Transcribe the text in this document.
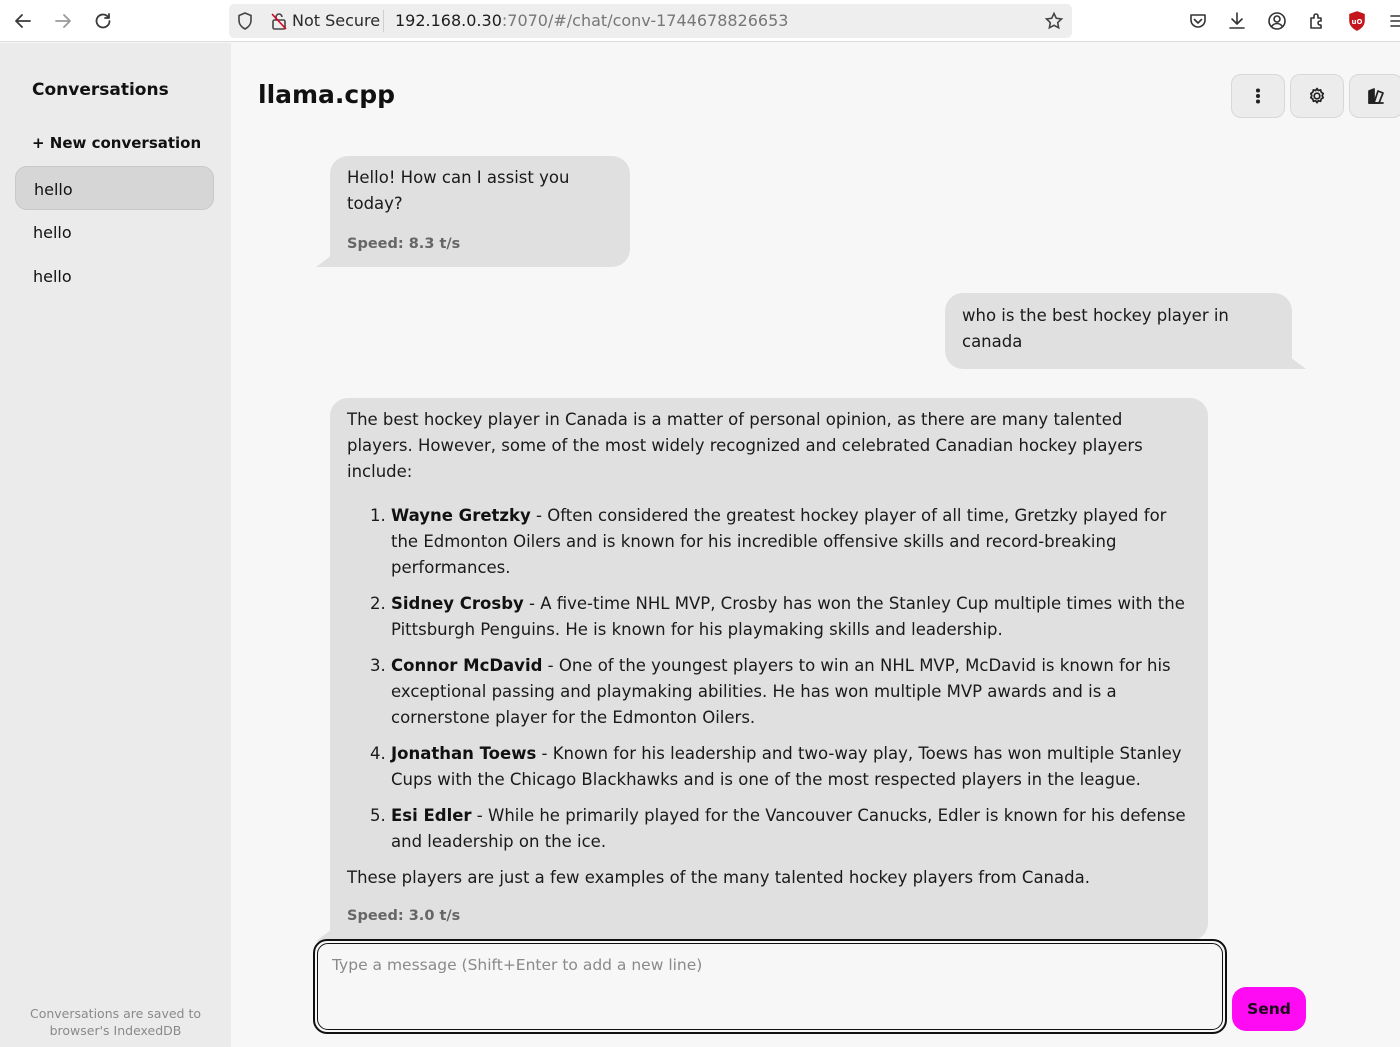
Not Secure 192.168.0.30:7070/#/chat/conv-1744678826653	uO
Conversations
+ New conversation
hello
hello
hello
Conversations are saved to
browser's IndexedDB
llama.cpp
Hello! How can I assist you today?
Speed: 8.3 t/s
who is the best hockey player in canada
The best hockey player in Canada is a matter of personal opinion, as there are many talented players. However, some of the most widely recognized and celebrated Canadian hockey players include:
1. Wayne Gretzky - Often considered the greatest hockey player of all time, Gretzky played for the Edmonton Oilers and is known for his incredible offensive skills and record-breaking performances.
2. Sidney Crosby - A five-time NHL MVP, Crosby has won the Stanley Cup multiple times with the Pittsburgh Penguins. He is known for his playmaking skills and leadership.
3. Connor McDavid - One of the youngest players to win an NHL MVP, McDavid is known for his exceptional passing and playmaking abilities. He has won multiple MVP awards and is a cornerstone player for the Edmonton Oilers.
4. Jonathan Toews - Known for his leadership and two-way play, Toews has won multiple Stanley Cups with the Chicago Blackhawks and is one of the most respected players in the league.
5. Esi Edler - While he primarily played for the Vancouver Canucks, Edler is known for his defense and leadership on the ice.
These players are just a few examples of the many talented hockey players from Canada.
Speed: 3.0 t/s
Type a message (Shift+Enter to add a new line)
Send
